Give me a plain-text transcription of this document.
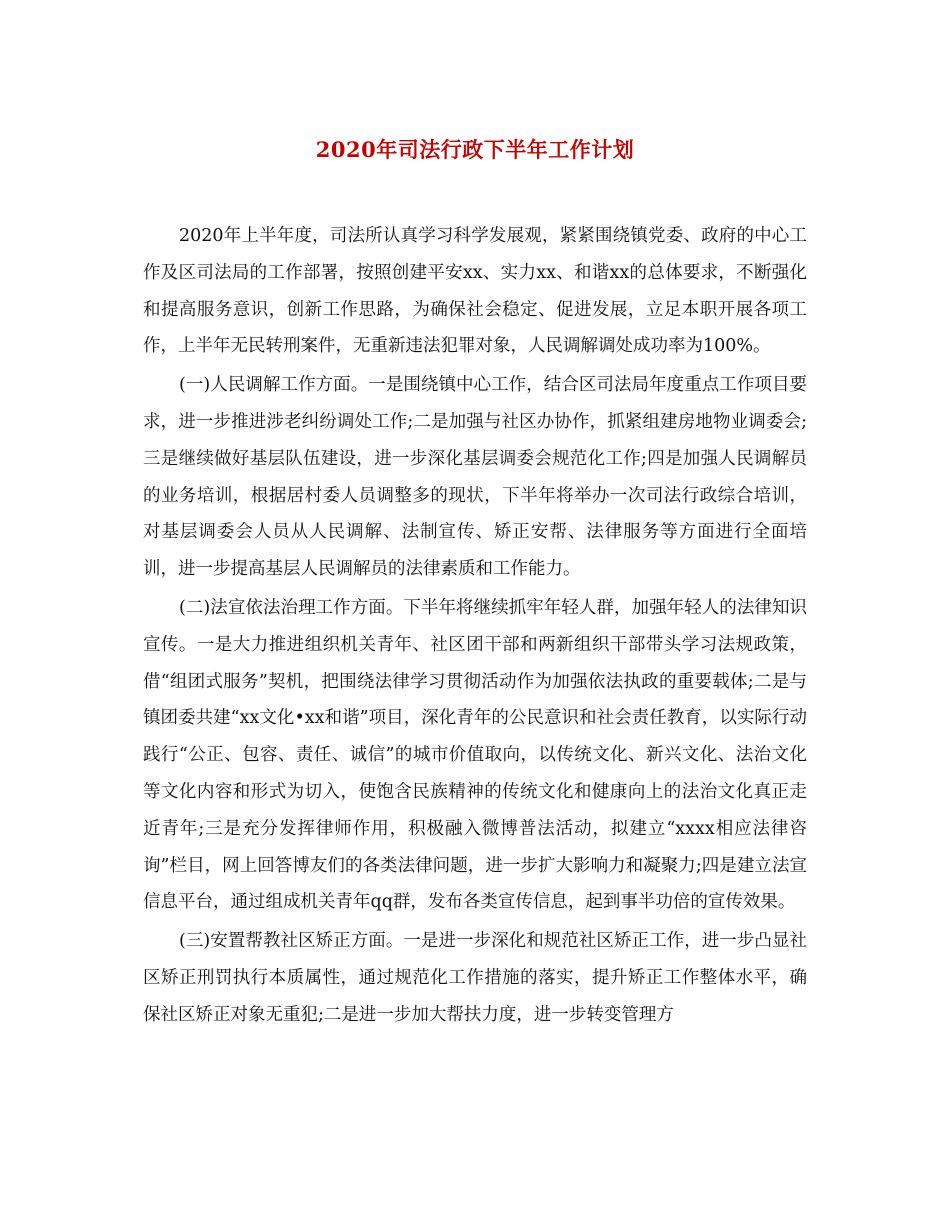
2020年司法行政下半年工作计划

2020年上半年度，司法所认真学习科学发展观，紧紧围绕镇党委、政府的中心工作及区司法局的工作部署，按照创建平安xx、实力xx、和谐xx的总体要求，不断强化和提高服务意识，创新工作思路，为确保社会稳定、促进发展，立足本职开展各项工作，上半年无民转刑案件，无重新违法犯罪对象，人民调解调处成功率为100%。

(一)人民调解工作方面。一是围绕镇中心工作，结合区司法局年度重点工作项目要求，进一步推进涉老纠纷调处工作;二是加强与社区办协作，抓紧组建房地物业调委会;三是继续做好基层队伍建设，进一步深化基层调委会规范化工作;四是加强人民调解员的业务培训，根据居村委人员调整多的现状，下半年将举办一次司法行政综合培训，对基层调委会人员从人民调解、法制宣传、矫正安帮、法律服务等方面进行全面培训，进一步提高基层人民调解员的法律素质和工作能力。

(二)法宣依法治理工作方面。下半年将继续抓牢年轻人群，加强年轻人的法律知识宣传。一是大力推进组织机关青年、社区团干部和两新组织干部带头学习法规政策，借“组团式服务”契机，把围绕法律学习贯彻活动作为加强依法执政的重要载体;二是与镇团委共建“xx文化•xx和谐”项目，深化青年的公民意识和社会责任教育，以实际行动践行“公正、包容、责任、诚信”的城市价值取向，以传统文化、新兴文化、法治文化等文化内容和形式为切入，使饱含民族精神的传统文化和健康向上的法治文化真正走近青年;三是充分发挥律师作用，积极融入微博普法活动，拟建立“xxxx相应法律咨询”栏目，网上回答博友们的各类法律问题，进一步扩大影响力和凝聚力;四是建立法宣信息平台，通过组成机关青年qq群，发布各类宣传信息，起到事半功倍的宣传效果。

(三)安置帮教社区矫正方面。一是进一步深化和规范社区矫正工作，进一步凸显社区矫正刑罚执行本质属性，通过规范化工作措施的落实，提升矫正工作整体水平，确保社区矫正对象无重犯;二是进一步加大帮扶力度，进一步转变管理方
